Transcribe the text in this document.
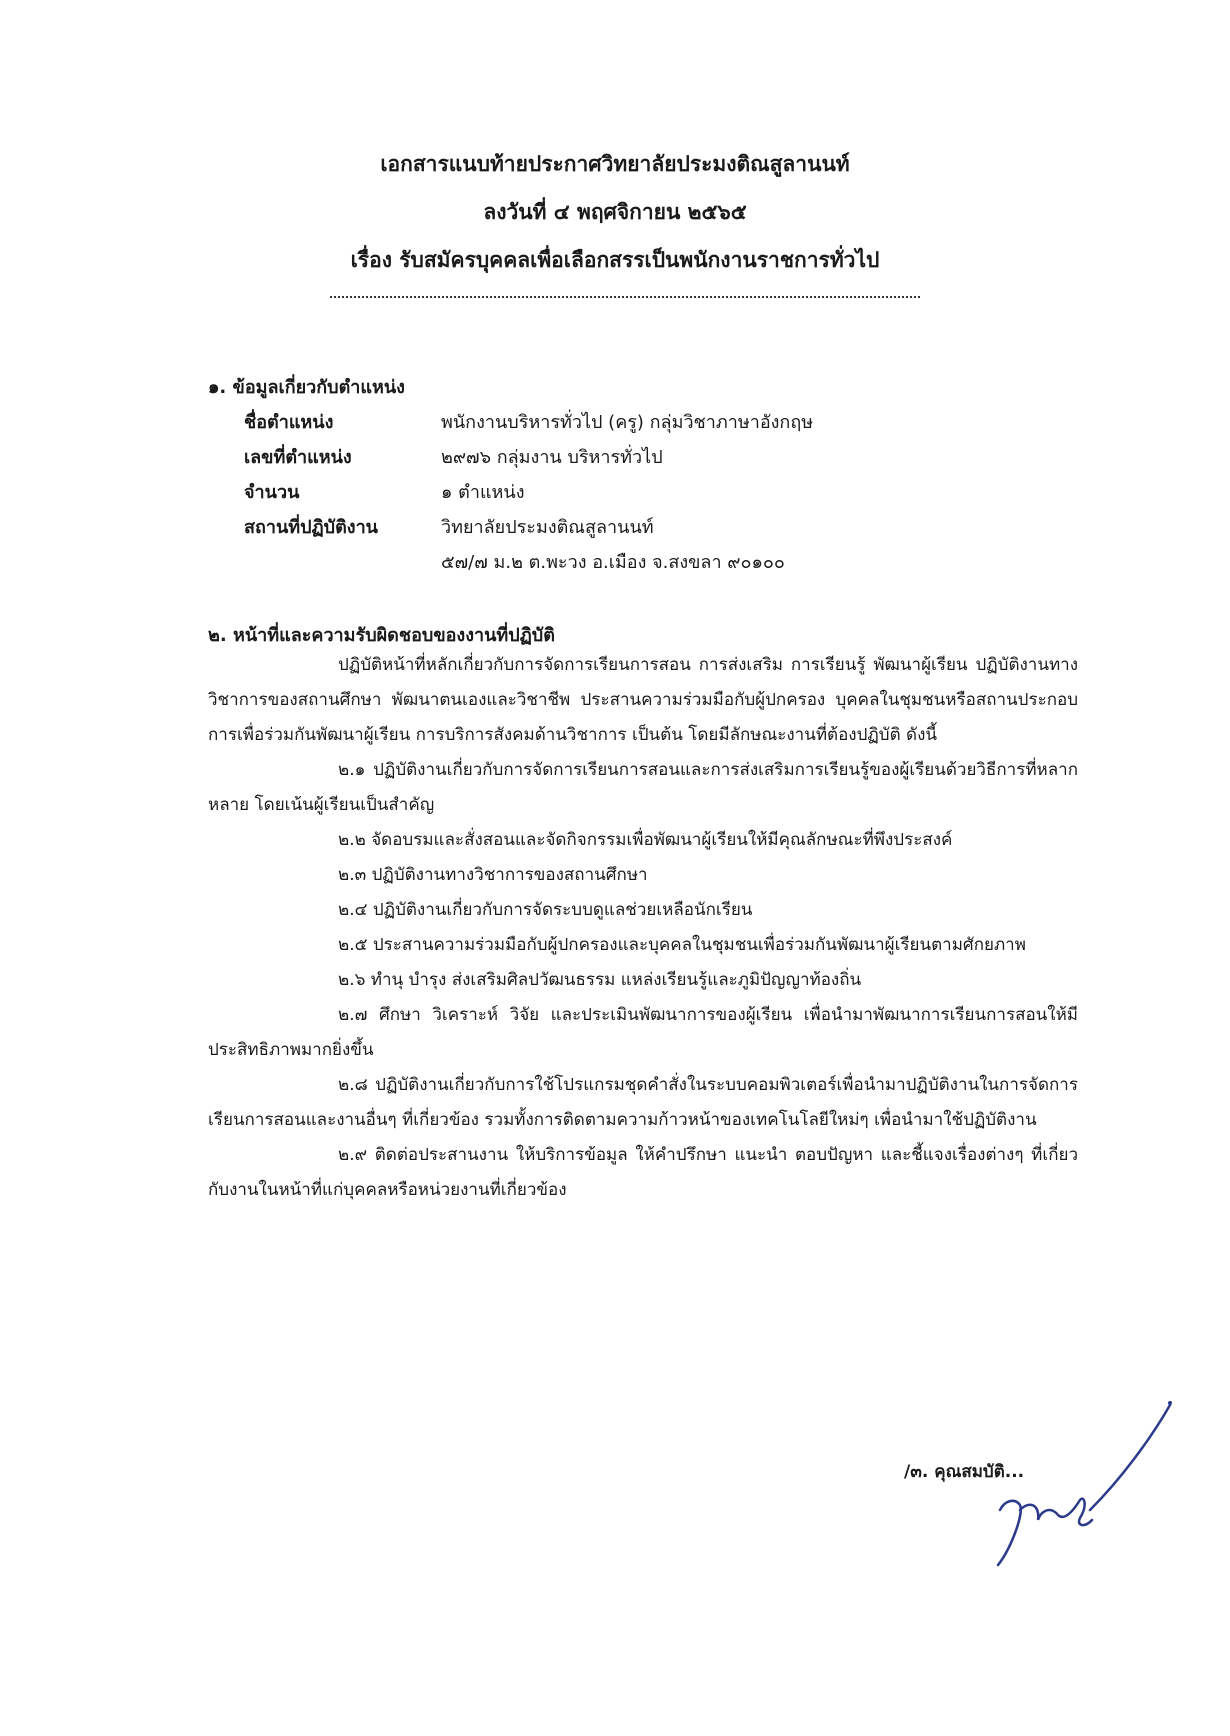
เอกสารแนบท้ายประกาศวิทยาลัยประมงติณสูลานนท์
ลงวันที่ ๔ พฤศจิกายน ๒๕๖๕
เรื่อง รับสมัครบุคคลเพื่อเลือกสรรเป็นพนักงานราชการทั่วไป
๑. ข้อมูลเกี่ยวกับตำแหน่ง
ชื่อตำแหน่ง	พนักงานบริหารทั่วไป (ครู) กลุ่มวิชาภาษาอังกฤษ
เลขที่ตำแหน่ง	๒๙๗๖ กลุ่มงาน บริหารทั่วไป
จำนวน	๑ ตำแหน่ง
สถานที่ปฏิบัติงาน	วิทยาลัยประมงติณสูลานนท์
๕๗/๗ ม.๒ ต.พะวง อ.เมือง จ.สงขลา ๙๐๑๐๐
๒. หน้าที่และความรับผิดชอบของงานที่ปฏิบัติ

ปฏิบัติหน้าที่หลักเกี่ยวกับการจัดการเรียนการสอน การส่งเสริม การเรียนรู้ พัฒนาผู้เรียน ปฏิบัติงานทางวิชาการของสถานศึกษา พัฒนาตนเองและวิชาชีพ ประสานความร่วมมือกับผู้ปกครอง บุคคลในชุมชนหรือสถานประกอบการเพื่อร่วมกันพัฒนาผู้เรียน การบริการสังคมด้านวิชาการ เป็นต้น โดยมีลักษณะงานที่ต้องปฏิบัติ ดังนี้

๒.๑ ปฏิบัติงานเกี่ยวกับการจัดการเรียนการสอนและการส่งเสริมการเรียนรู้ของผู้เรียนด้วยวิธีการที่หลากหลาย โดยเน้นผู้เรียนเป็นสำคัญ

๒.๒ จัดอบรมและสั่งสอนและจัดกิจกรรมเพื่อพัฒนาผู้เรียนให้มีคุณลักษณะที่พึงประสงค์

๒.๓ ปฏิบัติงานทางวิชาการของสถานศึกษา

๒.๔ ปฏิบัติงานเกี่ยวกับการจัดระบบดูแลช่วยเหลือนักเรียน

๒.๕ ประสานความร่วมมือกับผู้ปกครองและบุคคลในชุมชนเพื่อร่วมกันพัฒนาผู้เรียนตามศักยภาพ

๒.๖ ทำนุ บำรุง ส่งเสริมศิลปวัฒนธรรม แหล่งเรียนรู้และภูมิปัญญาท้องถิ่น

๒.๗ ศึกษา วิเคราะห์ วิจัย และประเมินพัฒนาการของผู้เรียน เพื่อนำมาพัฒนาการเรียนการสอนให้มีประสิทธิภาพมากยิ่งขึ้น

๒.๘ ปฏิบัติงานเกี่ยวกับการใช้โปรแกรมชุดคำสั่งในระบบคอมพิวเตอร์เพื่อนำมาปฏิบัติงานในการจัดการเรียนการสอนและงานอื่นๆ ที่เกี่ยวข้อง รวมทั้งการติดตามความก้าวหน้าของเทคโนโลยีใหม่ๆ เพื่อนำมาใช้ปฏิบัติงาน

๒.๙ ติดต่อประสานงาน ให้บริการข้อมูล ให้คำปรึกษา แนะนำ ตอบปัญหา และชี้แจงเรื่องต่างๆ ที่เกี่ยวกับงานในหน้าที่แก่บุคคลหรือหน่วยงานที่เกี่ยวข้อง

/๓. คุณสมบัติ...
